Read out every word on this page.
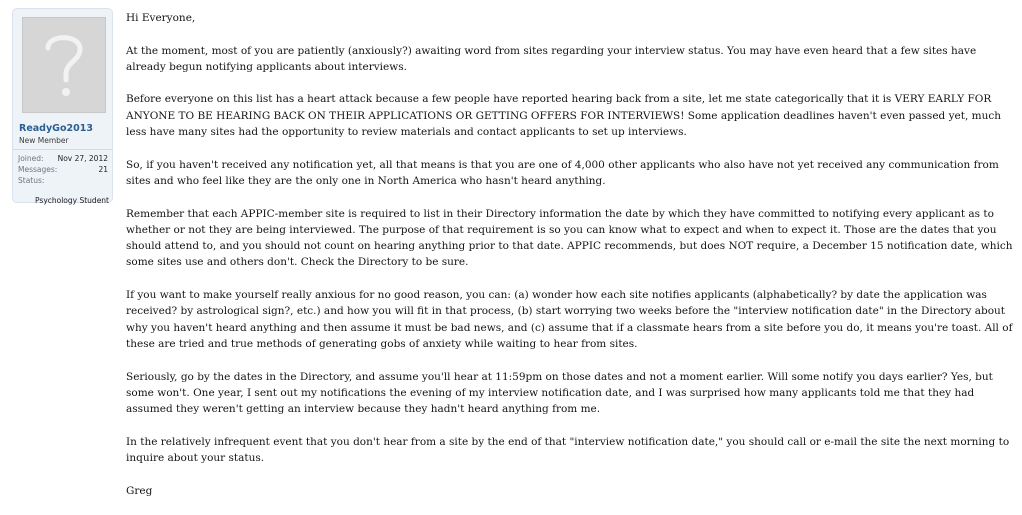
ReadyGo2013
New Member
Joined: Nov 27, 2012
Messages:	21
Status:
Psychology Student

Hi Everyone,

At the moment, most of you are patiently (anxiously?) awaiting word from sites regarding your interview status. You may have even heard that a few sites have already begun notifying applicants about interviews.

Before everyone on this list has a heart attack because a few people have reported hearing back from a site, let me state categorically that it is VERY EARLY FOR ANYONE TO BE HEARING BACK ON THEIR APPLICATIONS OR GETTING OFFERS FOR INTERVIEWS! Some application deadlines haven't even passed yet, much less have many sites had the opportunity to review materials and contact applicants to set up interviews.

So, if you haven't received any notification yet, all that means is that you are one of 4,000 other applicants who also have not yet received any communication from sites and who feel like they are the only one in North America who hasn't heard anything.

Remember that each APPIC-member site is required to list in their Directory information the date by which they have committed to notifying every applicant as to whether or not they are being interviewed. The purpose of that requirement is so you can know what to expect and when to expect it. Those are the dates that you should attend to, and you should not count on hearing anything prior to that date. APPIC recommends, but does NOT require, a December 15 notification date, which some sites use and others don't. Check the Directory to be sure.

If you want to make yourself really anxious for no good reason, you can: (a) wonder how each site notifies applicants (alphabetically? by date the application was received? by astrological sign?, etc.) and how you will fit in that process, (b) start worrying two weeks before the "interview notification date" in the Directory about why you haven't heard anything and then assume it must be bad news, and (c) assume that if a classmate hears from a site before you do, it means you're toast. All of these are tried and true methods of generating gobs of anxiety while waiting to hear from sites.

Seriously, go by the dates in the Directory, and assume you'll hear at 11:59pm on those dates and not a moment earlier. Will some notify you days earlier? Yes, but some won't. One year, I sent out my notifications the evening of my interview notification date, and I was surprised how many applicants told me that they had assumed they weren't getting an interview because they hadn't heard anything from me.

In the relatively infrequent event that you don't hear from a site by the end of that "interview notification date," you should call or e-mail the site the next morning to inquire about your status.

Greg
